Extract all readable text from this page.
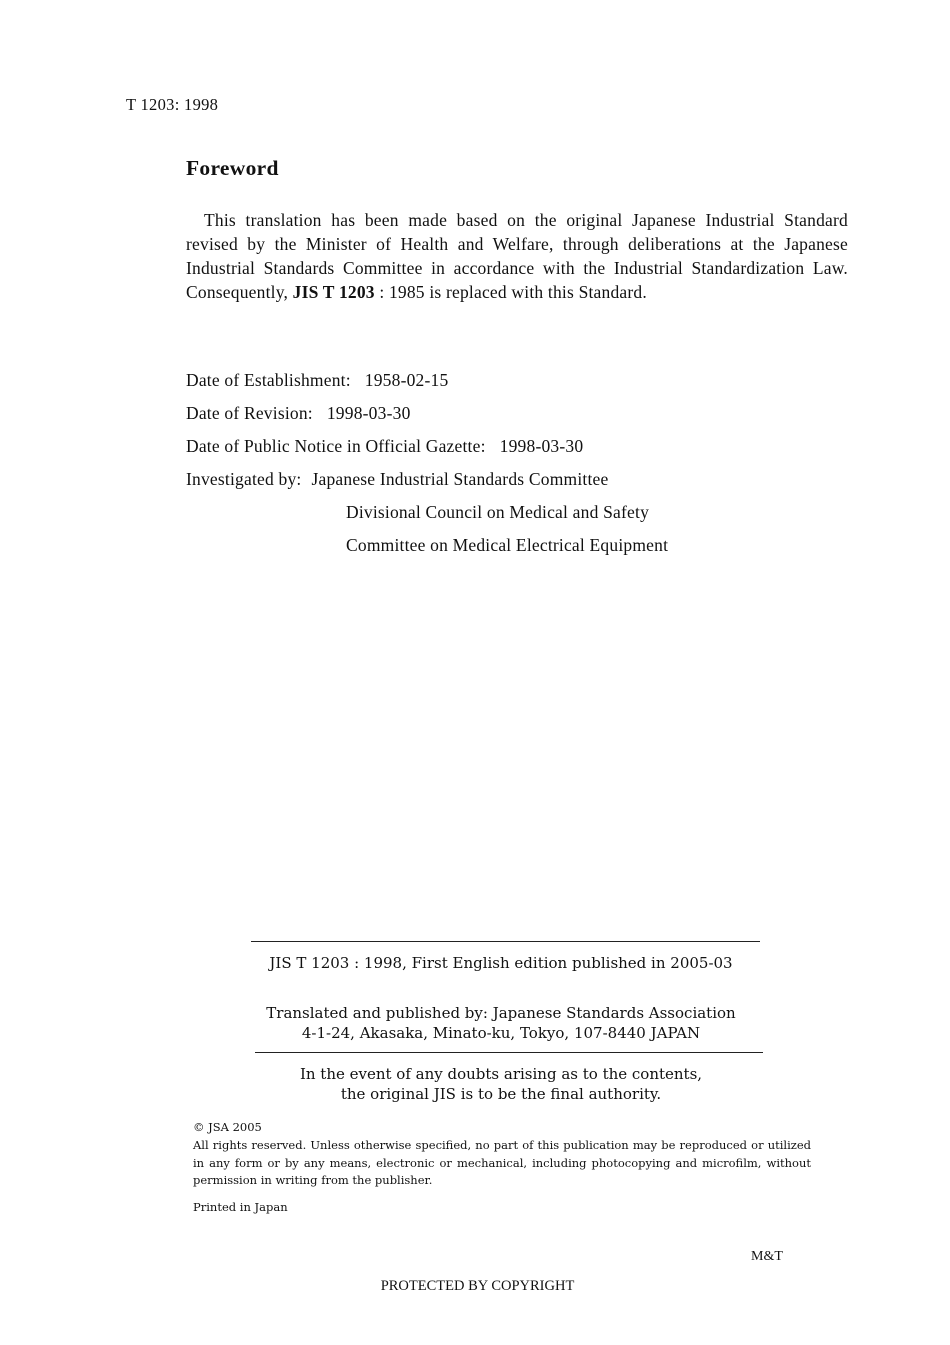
T 1203: 1998
Foreword

This translation has been made based on the original Japanese Industrial Standard revised by the Minister of Health and Welfare, through deliberations at the Japanese Industrial Standards Committee in accordance with the Industrial Standardization Law. Consequently, JIS T 1203 : 1985 is replaced with this Standard.

Date of Establishment: 1958-02-15
Date of Revision: 1998-03-30
Date of Public Notice in Official Gazette: 1998-03-30
Investigated by: Japanese Industrial Standards Committee
Divisional Council on Medical and Safety
Committee on Medical Electrical Equipment
JIS T 1203 : 1998, First English edition published in 2005-03
Translated and published by: Japanese Standards Association
4-1-24, Akasaka, Minato-ku, Tokyo, 107-8440 JAPAN
In the event of any doubts arising as to the contents,
the original JIS is to be the final authority.
© JSA 2005
All rights reserved. Unless otherwise specified, no part of this publication may be reproduced or utilized in any form or by any means, electronic or mechanical, including photocopying and microfilm, without permission in writing from the publisher.
Printed in Japan
M&T
PROTECTED BY COPYRIGHT
